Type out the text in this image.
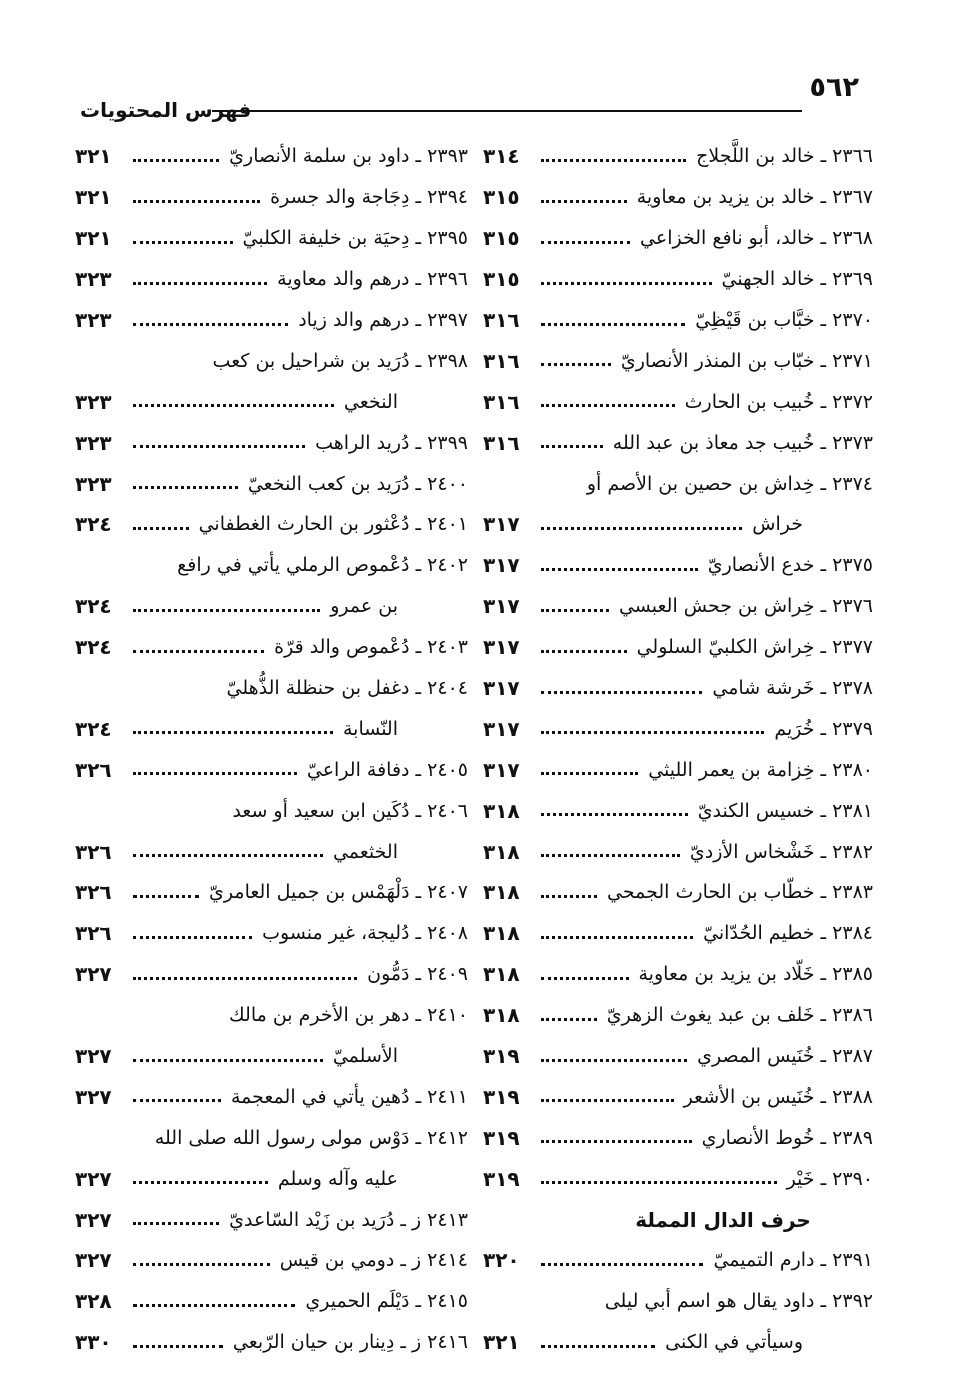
٥٦٢
فهرس المحتويات
٢٣٦٦ ـ خالد بن اللَّجلاج
٣١٤
٢٣٦٧ ـ خالد بن يزيد بن معاوية
٣١٥
٢٣٦٨ ـ خالد، أبو نافع الخزاعي
٣١٥
٢٣٦٩ ـ خالد الجهنيّ
٣١٥
٢٣٧٠ ـ خبَّاب بن قَيْظِيّ
٣١٦
٢٣٧١ ـ خبّاب بن المنذر الأنصاريّ
٣١٦
٢٣٧٢ ـ خُبيب بن الحارث
٣١٦
٢٣٧٣ ـ خُبيب جد معاذ بن عبد الله
٣١٦
٢٣٧٤ ـ خِداش بن حصين بن الأصم أو
خراش
٣١٧
٢٣٧٥ ـ خدع الأنصاريّ
٣١٧
٢٣٧٦ ـ خِراش بن جحش العبسي
٣١٧
٢٣٧٧ ـ خِراش الكلبيّ السلولي
٣١٧
٢٣٧٨ ـ خَرشة شامي
٣١٧
٢٣٧٩ ـ خُرَيم
٣١٧
٢٣٨٠ ـ خِزامة بن يعمر الليثي
٣١٧
٢٣٨١ ـ خسيس الكنديّ
٣١٨
٢٣٨٢ ـ خَشْخاس الأزديّ
٣١٨
٢٣٨٣ ـ خطّاب بن الحارث الجمحي
٣١٨
٢٣٨٤ ـ خطيم الحُدّانيّ
٣١٨
٢٣٨٥ ـ خَلّاد بن يزيد بن معاوية
٣١٨
٢٣٨٦ ـ خَلف بن عبد يغوث الزهريّ
٣١٨
٢٣٨٧ ـ خُنَيس المصري
٣١٩
٢٣٨٨ ـ خُنَيس بن الأشعر
٣١٩
٢٣٨٩ ـ خُوط الأنصاري
٣١٩
٢٣٩٠ ـ خَيْر
٣١٩
حرف الدال المملة
٢٣٩١ ـ دارم التميميّ
٣٢٠
٢٣٩٢ ـ داود يقال هو اسم أبي ليلى
وسيأتي في الكنى
٣٢١
٢٣٩٣ ـ داود بن سلمة الأنصاريّ
٣٢١
٢٣٩٤ ـ دِجَاجة والد جسرة
٣٢١
٢٣٩٥ ـ دِحيَة بن خليفة الكلبيّ
٣٢١
٢٣٩٦ ـ درهم والد معاوية
٣٢٣
٢٣٩٧ ـ درهم والد زياد
٣٢٣
٢٣٩٨ ـ دُرَيد بن شراحيل بن كعب
النخعي
٣٢٣
٢٣٩٩ ـ دُريد الراهب
٣٢٣
٢٤٠٠ ـ دُرَيد بن كعب النخعيّ
٣٢٣
٢٤٠١ ـ دُعْثور بن الحارث الغطفاني
٣٢٤
٢٤٠٢ ـ دُعْموص الرملي يأتي في رافع
بن عمرو
٣٢٤
٢٤٠٣ ـ دُعْموص والد قرّة
٣٢٤
٢٤٠٤ ـ دغفل بن حنظلة الذُّهليّ
النّسابة
٣٢٤
٢٤٠٥ ـ دفافة الراعيّ
٣٢٦
٢٤٠٦ ـ دُكَين ابن سعيد أو سعد
الخثعمي
٣٢٦
٢٤٠٧ ـ دَلْهَمْس بن جميل العامريّ
٣٢٦
٢٤٠٨ ـ دُليجة، غير منسوب
٣٢٦
٢٤٠٩ ـ دَمُّون
٣٢٧
٢٤١٠ ـ دهر بن الأخرم بن مالك
الأسلميّ
٣٢٧
٢٤١١ ـ دُهين يأتي في المعجمة
٣٢٧
٢٤١٢ ـ دَوْس مولى رسول الله صلى الله
عليه وآله وسلم
٣٢٧
٢٤١٣ ز ـ دُرَيد بن زَيْد السّاعديّ
٣٢٧
٢٤١٤ ز ـ دومي بن قيس
٣٢٧
٢٤١٥ ـ دَيْلَم الحميري
٣٢٨
٢٤١٦ ز ـ دِينار بن حيان الرّبعي
٣٣٠
